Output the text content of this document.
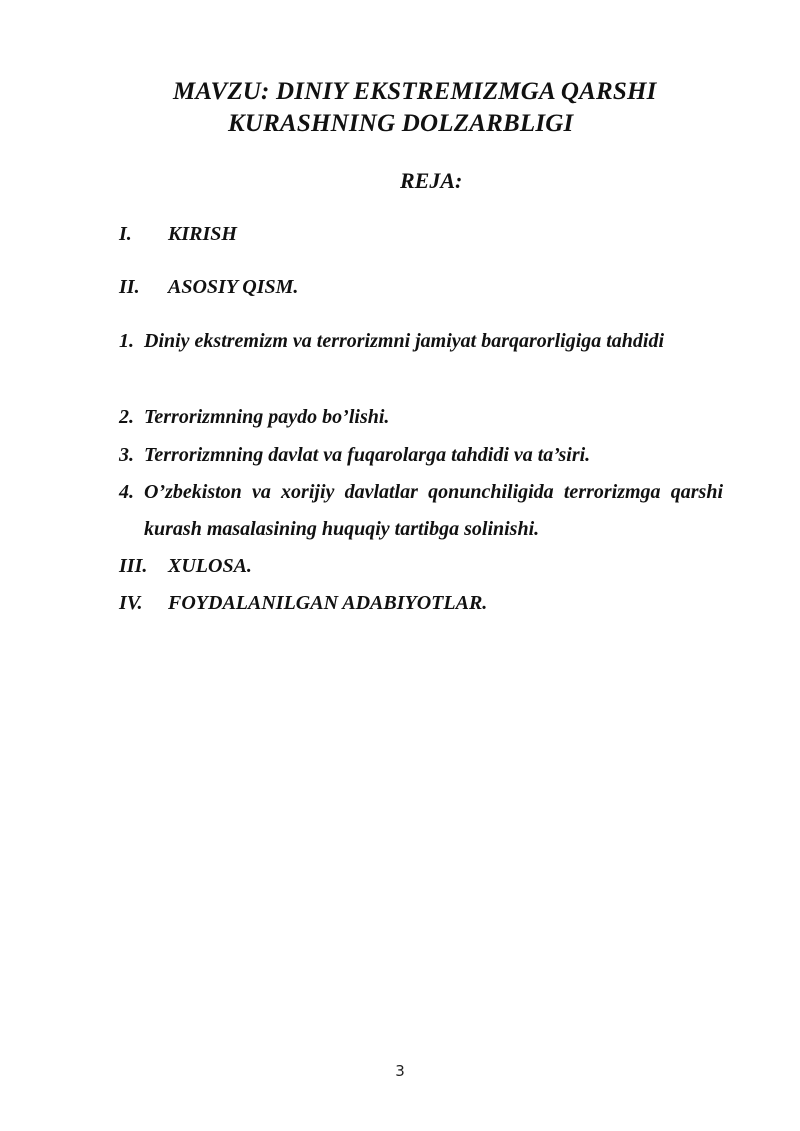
MAVZU: DINIY EKSTREMIZMGA QARSHI
KURASHNING DOLZARBLIGI
REJA:
I. KIRISH
II. ASOSIY QISM.
1. Diniy ekstremizm va terrorizmni jamiyat barqarorligiga tahdidi
2. Terrorizmning paydo bo’lishi.
3. Terrorizmning davlat va fuqarolarga tahdidi va ta’siri.
4. O’zbekiston va xorijiy davlatlar qonunchiligida terrorizmga qarshi kurash masalasining huquqiy tartibga solinishi.
III. XULOSA.
IV. FOYDALANILGAN ADABIYOTLAR.
3
